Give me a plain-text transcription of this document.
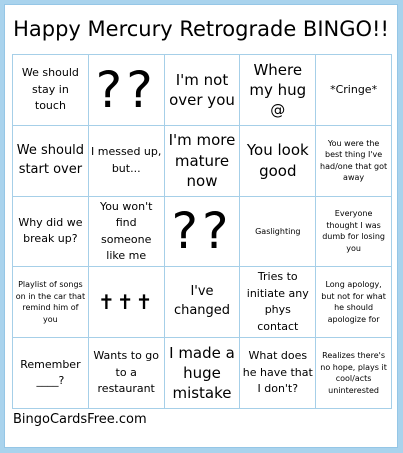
Happy Mercury Retrograde BINGO!!
We should stay in touch ??	I'm not over you
Where my hug @
*Cringe*
We should start over
I messed up, but...
I'm more mature now
You look good
You were the best thing I've had/one that got away
Why did we break up?
You won't find someone like me ??	Gaslighting
Everyone thought I was dumb for losing you
Playlist of songs on in the car that remind him of you
✝✝✝	I've changed
Tries to initiate any phys contact
Long apology, but not for what he should apologize for
Remember ____?
Wants to go to a restaurant
I made a huge mistake
What does he have that I don't?
Realizes there's no hope, plays it cool/acts uninterested
BingoCardsFree.com
